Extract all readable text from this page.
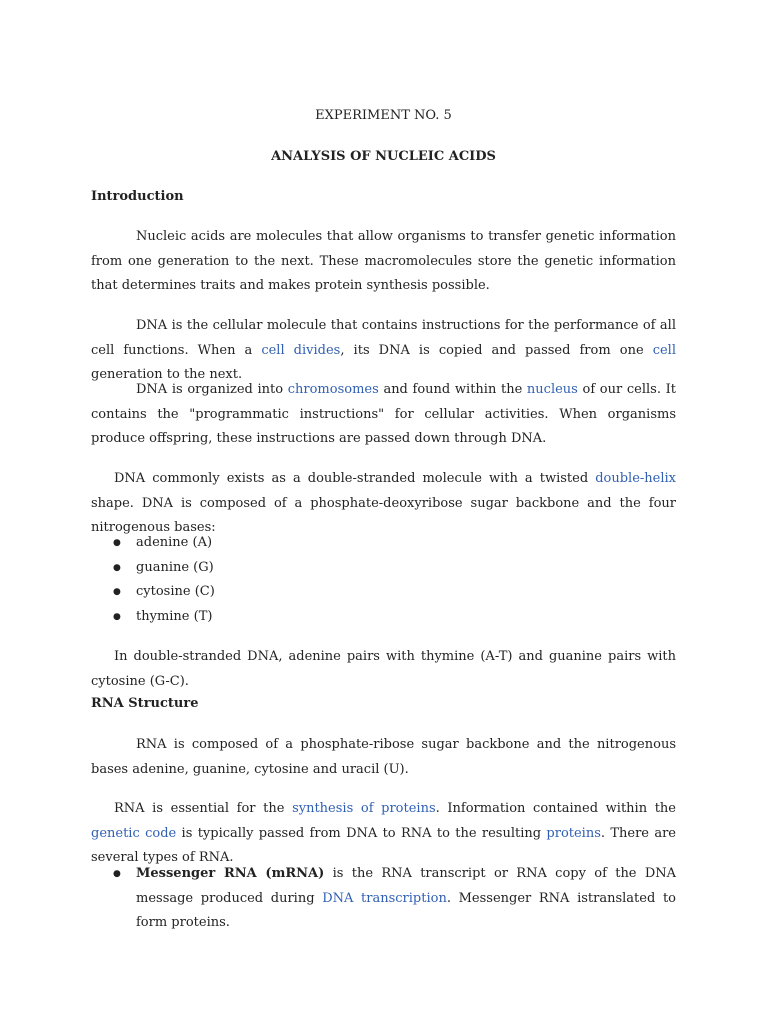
EXPERIMENT NO. 5
ANALYSIS OF NUCLEIC ACIDS
Introduction
Nucleic acids are molecules that allow organisms to transfer genetic information from one generation to the next. These macromolecules store the genetic information that determines traits and makes protein synthesis possible.
DNA is the cellular molecule that contains instructions for the performance of all cell functions. When a cell divides, its DNA is copied and passed from one cell generation to the next.
DNA is organized into chromosomes and found within the nucleus of our cells. It contains the "programmatic instructions" for cellular activities. When organisms produce offspring, these instructions are passed down through DNA.
DNA commonly exists as a double-stranded molecule with a twisted double-helix shape. DNA is composed of a phosphate-deoxyribose sugar backbone and the four nitrogenous bases:
● adenine (A)
● guanine (G)
● cytosine (C)
● thymine (T)
In double-stranded DNA, adenine pairs with thymine (A-T) and guanine pairs with cytosine (G-C).
RNA Structure
RNA is composed of a phosphate-ribose sugar backbone and the nitrogenous bases adenine, guanine, cytosine and uracil (U).
RNA is essential for the synthesis of proteins. Information contained within the genetic code is typically passed from DNA to RNA to the resulting proteins. There are several types of RNA.
● Messenger RNA (mRNA) is the RNA transcript or RNA copy of the DNA message produced during DNA transcription. Messenger RNA istranslated to form proteins.
